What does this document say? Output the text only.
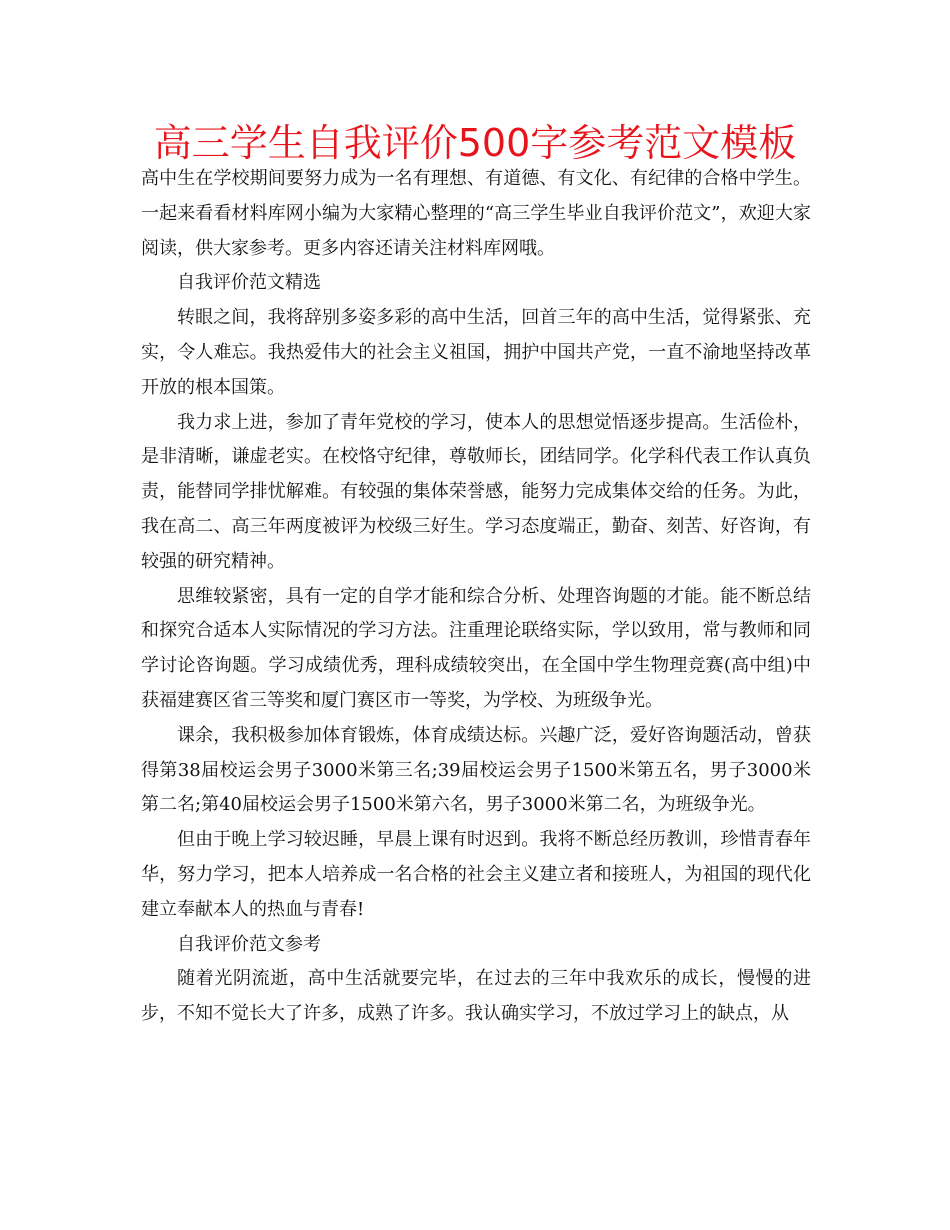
高三学生自我评价500字参考范文模板

高中生在学校期间要努力成为一名有理想、有道德、有文化、有纪律的合格中学生。一起来看看材料库网小编为大家精心整理的“高三学生毕业自我评价范文”，欢迎大家阅读，供大家参考。更多内容还请关注材料库网哦。

自我评价范文精选

转眼之间，我将辞别多姿多彩的高中生活，回首三年的高中生活，觉得紧张、充实，令人难忘。我热爱伟大的社会主义祖国，拥护中国共产党，一直不渝地坚持改革开放的根本国策。

我力求上进，参加了青年党校的学习，使本人的思想觉悟逐步提高。生活俭朴，是非清晰，谦虚老实。在校恪守纪律，尊敬师长，团结同学。化学科代表工作认真负责，能替同学排忧解难。有较强的集体荣誉感，能努力完成集体交给的任务。为此，我在高二、高三年两度被评为校级三好生。学习态度端正，勤奋、刻苦、好咨询，有较强的研究精神。

思维较紧密，具有一定的自学才能和综合分析、处理咨询题的才能。能不断总结和探究合适本人实际情况的学习方法。注重理论联络实际，学以致用，常与教师和同学讨论咨询题。学习成绩优秀，理科成绩较突出，在全国中学生物理竞赛(高中组)中获福建赛区省三等奖和厦门赛区市一等奖，为学校、为班级争光。

课余，我积极参加体育锻炼，体育成绩达标。兴趣广泛，爱好咨询题活动，曾获得第38届校运会男子3000米第三名;39届校运会男子1500米第五名，男子3000米第二名;第40届校运会男子1500米第六名，男子3000米第二名，为班级争光。

但由于晚上学习较迟睡，早晨上课有时迟到。我将不断总经历教训，珍惜青春年华，努力学习，把本人培养成一名合格的社会主义建立者和接班人，为祖国的现代化建立奉献本人的热血与青春!

自我评价范文参考

随着光阴流逝，高中生活就要完毕，在过去的三年中我欢乐的成长，慢慢的进步，不知不觉长大了许多，成熟了许多。我认确实学习，不放过学习上的缺点，从
